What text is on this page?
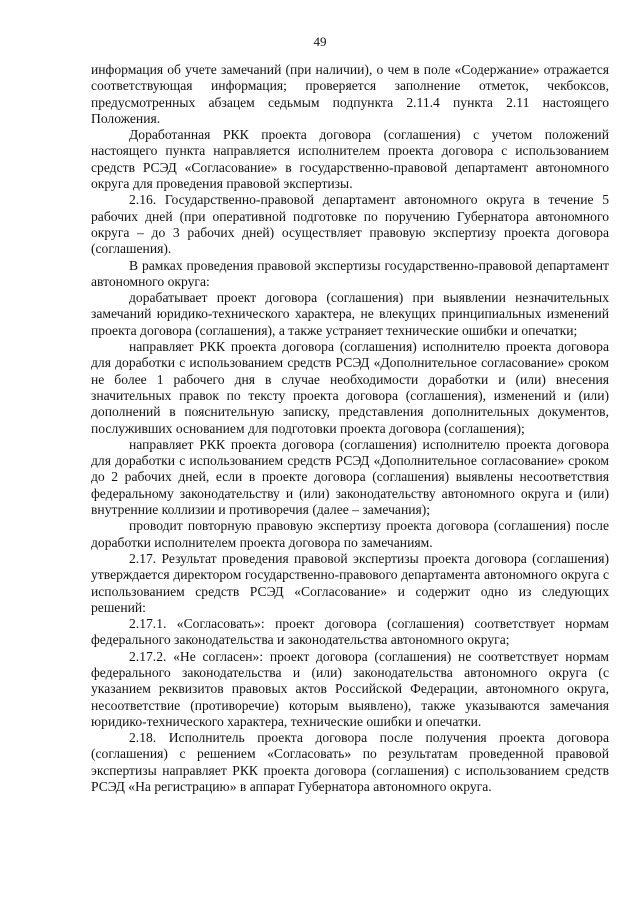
49

информация об учете замечаний (при наличии), о чем в поле «Содержание» отражается соответствующая информация; проверяется заполнение отметок, чекбоксов, предусмотренных абзацем седьмым подпункта 2.11.4 пункта 2.11 настоящего Положения.

Доработанная РКК проекта договора (соглашения) с учетом положений настоящего пункта направляется исполнителем проекта договора с использованием средств РСЭД «Согласование» в государственно-правовой департамент автономного округа для проведения правовой экспертизы.

2.16. Государственно-правовой департамент автономного округа в течение 5 рабочих дней (при оперативной подготовке по поручению Губернатора автономного округа – до 3 рабочих дней) осуществляет правовую экспертизу проекта договора (соглашения).

В рамках проведения правовой экспертизы государственно-правовой департамент автономного округа:

дорабатывает проект договора (соглашения) при выявлении незначительных замечаний юридико-технического характера, не влекущих принципиальных изменений проекта договора (соглашения), а также устраняет технические ошибки и опечатки;

направляет РКК проекта договора (соглашения) исполнителю проекта договора для доработки с использованием средств РСЭД «Дополнительное согласование» сроком не более 1 рабочего дня в случае необходимости доработки и (или) внесения значительных правок по тексту проекта договора (соглашения), изменений и (или) дополнений в пояснительную записку, представления дополнительных документов, послуживших основанием для подготовки проекта договора (соглашения);

направляет РКК проекта договора (соглашения) исполнителю проекта договора для доработки с использованием средств РСЭД «Дополнительное согласование» сроком до 2 рабочих дней, если в проекте договора (соглашения) выявлены несоответствия федеральному законодательству и (или) законодательству автономного округа и (или) внутренние коллизии и противоречия (далее – замечания);

проводит повторную правовую экспертизу проекта договора (соглашения) после доработки исполнителем проекта договора по замечаниям.

2.17. Результат проведения правовой экспертизы проекта договора (соглашения) утверждается директором государственно-правового департамента автономного округа с использованием средств РСЭД «Согласование» и содержит одно из следующих решений:

2.17.1. «Согласовать»: проект договора (соглашения) соответствует нормам федерального законодательства и законодательства автономного округа;

2.17.2. «Не согласен»: проект договора (соглашения) не соответствует нормам федерального законодательства и (или) законодательства автономного округа (с указанием реквизитов правовых актов Российской Федерации, автономного округа, несоответствие (противоречие) которым выявлено), также указываются замечания юридико-технического характера, технические ошибки и опечатки.

2.18. Исполнитель проекта договора после получения проекта договора (соглашения) с решением «Согласовать» по результатам проведенной правовой экспертизы направляет РКК проекта договора (соглашения) с использованием средств РСЭД «На регистрацию» в аппарат Губернатора автономного округа.
